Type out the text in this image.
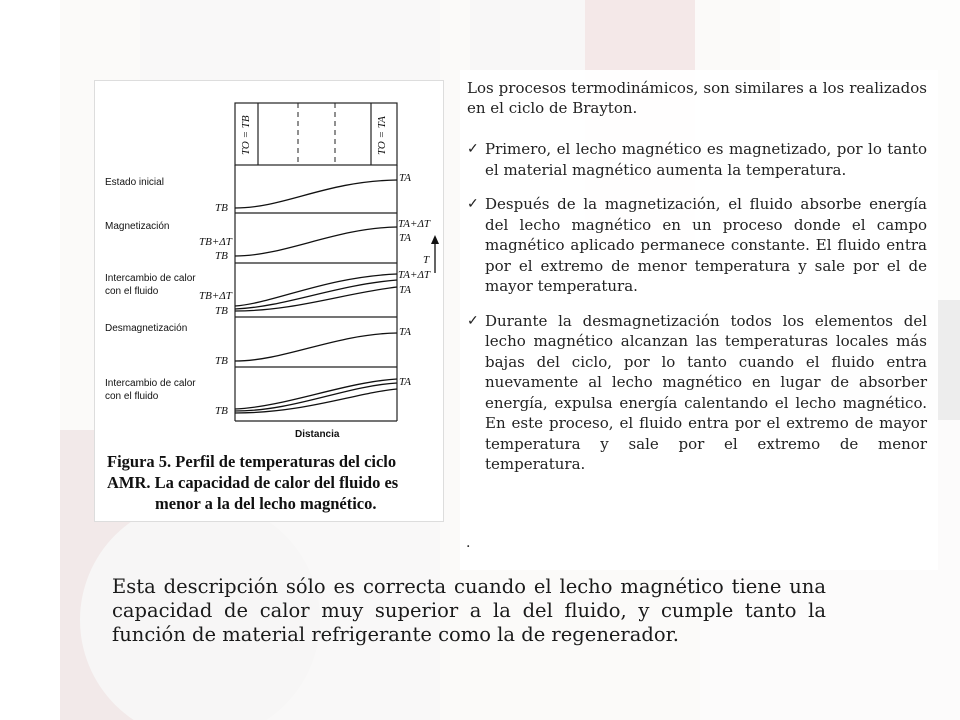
TO = TB	TO = TA
Estado inicial
Magnetización
Intercambio de calor
con el fluido
Desmagnetización
Intercambio de calor
con el fluido
TA
TB
TA+ΔT
TA
TB+ΔT
TB
TA+ΔT
TA
TB+ΔT
TB
TA
TB
TA
TB
T
Distancia
Figura 5. Perfil de temperaturas del ciclo
AMR. La capacidad de calor del fluido es
menor a la del lecho magnético.
Los procesos termodinámicos, son similares a los realizados en el ciclo de Brayton.
✓ Primero, el lecho magnético es magnetizado, por lo tanto el material magnético aumenta la temperatura.
✓ Después de la magnetización, el fluido absorbe energía del lecho magnético en un proceso donde el campo magnético aplicado permanece constante. El fluido entra por el extremo de menor temperatura y sale por el de mayor temperatura.
✓ Durante la desmagnetización todos los elementos del lecho magnético alcanzan las temperaturas locales más bajas del ciclo, por lo tanto cuando el fluido entra nuevamente al lecho magnético en lugar de absorber energía, expulsa energía calentando el lecho magnético. En este proceso, el fluido entra por el extremo de mayor temperatura y sale por el extremo de menor temperatura.
.
Esta descripción sólo es correcta cuando el lecho magnético tiene una capacidad de calor muy superior a la del fluido, y cumple tanto la función de material refrigerante como la de regenerador.
